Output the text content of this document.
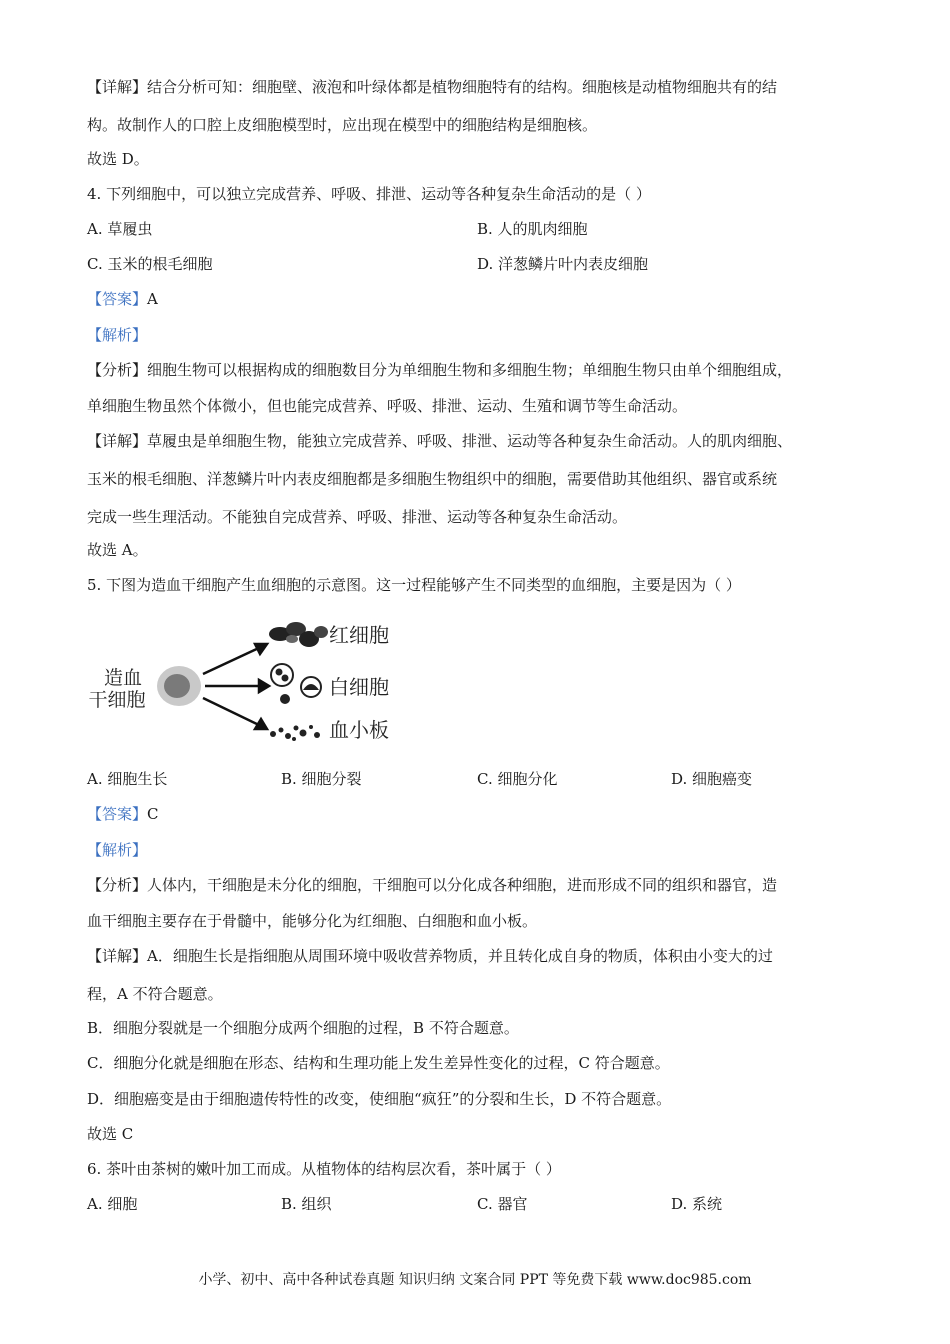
【详解】结合分析可知：细胞壁、液泡和叶绿体都是植物细胞特有的结构。细胞核是动植物细胞共有的结
构。故制作人的口腔上皮细胞模型时，应出现在模型中的细胞结构是细胞核。
故选 D。
4. 下列细胞中，可以独立完成营养、呼吸、排泄、运动等各种复杂生命活动的是（ ）
A. 草履虫	B. 人的肌肉细胞
C. 玉米的根毛细胞	D. 洋葱鳞片叶内表皮细胞
【答案】A
【解析】
【分析】细胞生物可以根据构成的细胞数目分为单细胞生物和多细胞生物；单细胞生物只由单个细胞组成，
单细胞生物虽然个体微小，但也能完成营养、呼吸、排泄、运动、生殖和调节等生命活动。
【详解】草履虫是单细胞生物，能独立完成营养、呼吸、排泄、运动等各种复杂生命活动。人的肌肉细胞、
玉米的根毛细胞、洋葱鳞片叶内表皮细胞都是多细胞生物组织中的细胞，需要借助其他组织、器官或系统
完成一些生理活动。不能独自完成营养、呼吸、排泄、运动等各种复杂生命活动。
故选 A。
5. 下图为造血干细胞产生血细胞的示意图。这一过程能够产生不同类型的血细胞，主要是因为（ ）
造血
干细胞
红细胞
白细胞
血小板
A. 细胞生长	B. 细胞分裂	C. 细胞分化	D. 细胞癌变
【答案】C
【解析】
【分析】人体内，干细胞是未分化的细胞，干细胞可以分化成各种细胞，进而形成不同的组织和器官，造
血干细胞主要存在于骨髓中，能够分化为红细胞、白细胞和血小板。
【详解】A．细胞生长是指细胞从周围环境中吸收营养物质，并且转化成自身的物质，体积由小变大的过
程，A 不符合题意。
B．细胞分裂就是一个细胞分成两个细胞的过程，B 不符合题意。
C．细胞分化就是细胞在形态、结构和生理功能上发生差异性变化的过程，C 符合题意。
D．细胞癌变是由于细胞遗传特性的改变，使细胞“疯狂”的分裂和生长，D 不符合题意。
故选 C
6. 茶叶由茶树的嫩叶加工而成。从植物体的结构层次看，茶叶属于（ ）
A. 细胞	B. 组织	C. 器官	D. 系统
小学、初中、高中各种试卷真题 知识归纳 文案合同 PPT 等免费下载 www.doc985.com
